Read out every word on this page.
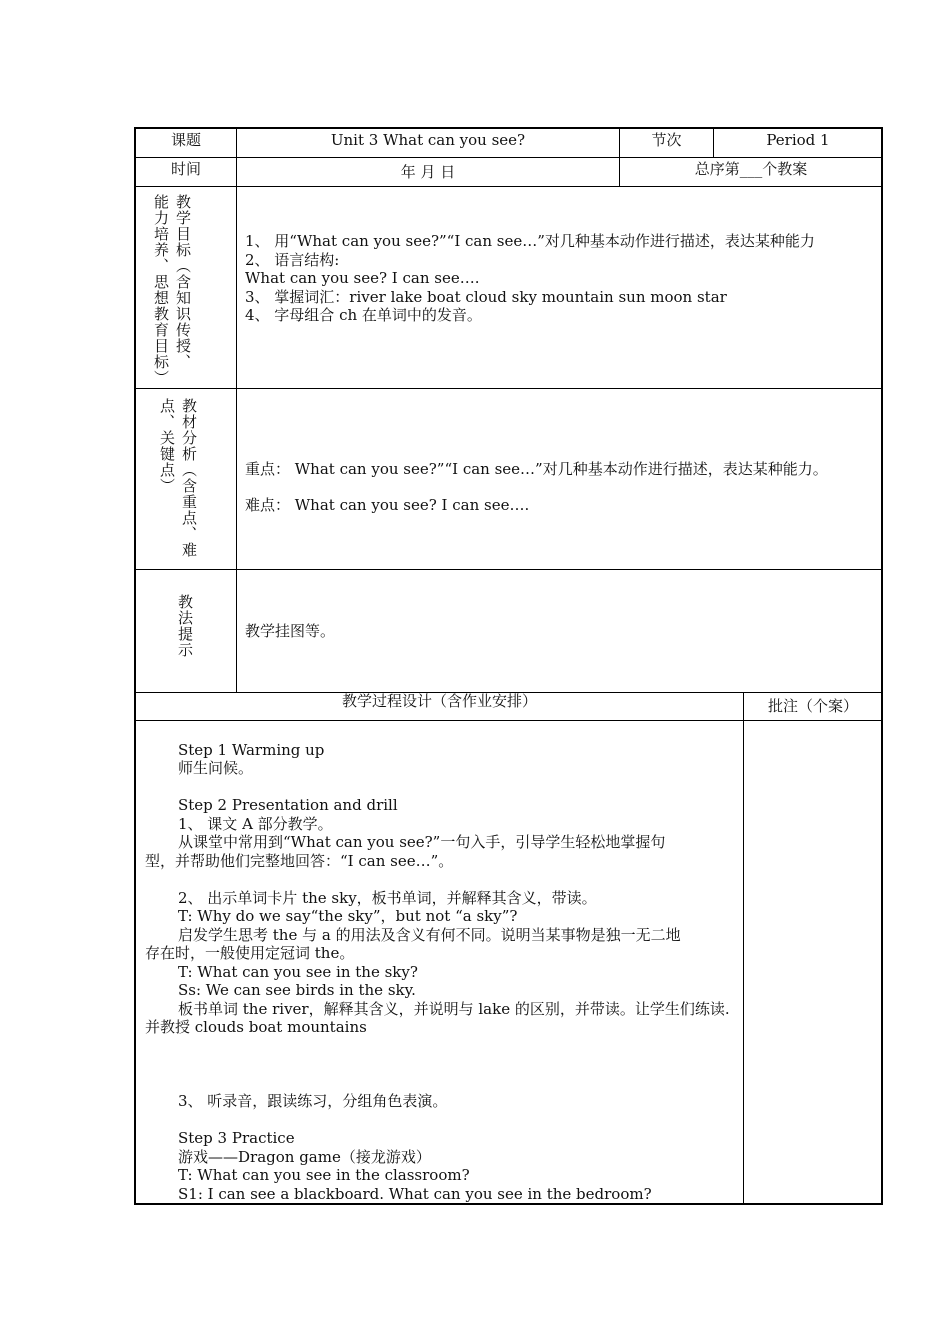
课题	Unit 3 What can you see?	节次	Period 1
时间	年 月 日	总序第___个教案
教学目标（含知识传授、能力培养、思想教育目标）	1、 用“What can you see?”“I can see…”对几种基本动作进行描述，表达某种能力
2、 语言结构:
What can you see? I can see….
3、 掌握词汇：river lake boat cloud sky mountain sun moon star
4、 字母组合 ch 在单词中的发音。
教材分析（含重点、难点、关键点）	重点： What can you see?”“I can see…”对几种基本动作进行描述，表达某种能力。
难点： What can you see? I can see….
教法提示	教学挂图等。
教学过程设计（含作业安排）	批注（个案）
Step 1 Warming up
师生问候。
Step 2 Presentation and drill
1、 课文 A 部分教学。
从课堂中常用到“What can you see?”一句入手，引导学生轻松地掌握句
型，并帮助他们完整地回答：“I can see…”。
2、 出示单词卡片 the sky，板书单词，并解释其含义，带读。
T: Why do we say“the sky”，but not “a sky”?
启发学生思考 the 与 a 的用法及含义有何不同。说明当某事物是独一无二地
存在时，一般使用定冠词 the。
T: What can you see in the sky?
Ss: We can see birds in the sky.
板书单词 the river，解释其含义，并说明与 lake 的区别，并带读。让学生们练读.
并教授 clouds boat mountains
3、 听录音，跟读练习，分组角色表演。
Step 3 Practice
游戏——Dragon game（接龙游戏）
T: What can you see in the classroom?
S1: I can see a blackboard. What can you see in the bedroom?
